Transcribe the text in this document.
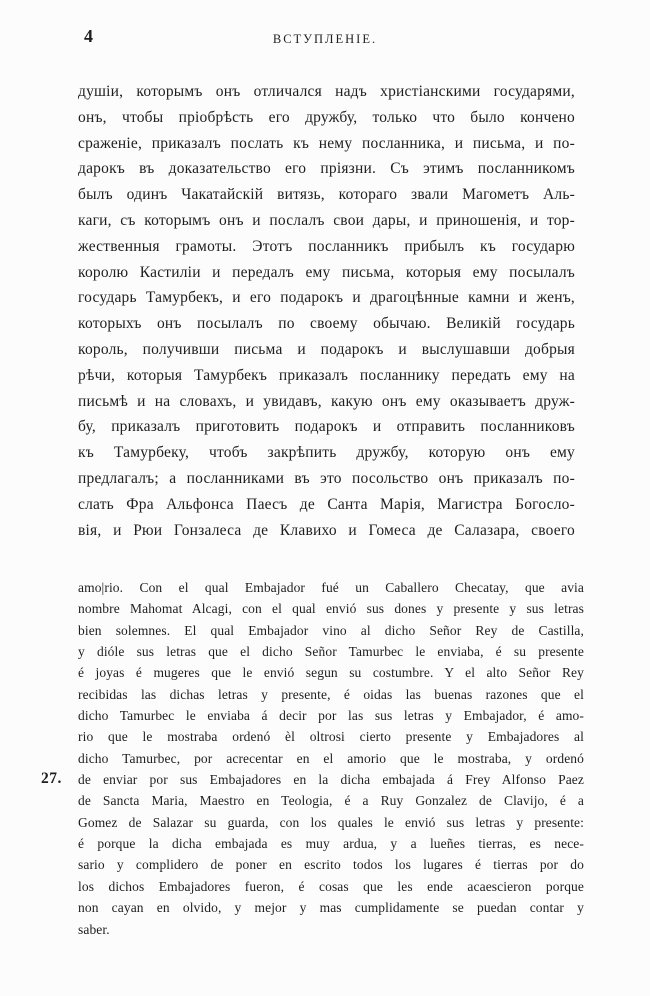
4	ВСТУПЛЕНІЕ.
душіи, которымъ онъ отличался надъ христіанскими государями,
онъ, чтобы пріобрѣсть его дружбу, только что было кончено
сраженіе, приказалъ послать къ нему посланника, и письма, и по-
дарокъ въ доказательство его пріязни. Съ этимъ посланникомъ
былъ одинъ Чакатайскій витязь, котораго звали Магометъ Аль-
каги, съ которымъ онъ и послалъ свои дары, и приношенія, и тор-
жественныя грамоты. Этотъ посланникъ прибылъ къ государю
королю Кастиліи и передалъ ему письма, которыя ему посылалъ
государь Тамурбекъ, и его подарокъ и драгоцѣнные камни и женъ,
которыхъ онъ посылалъ по своему обычаю. Великій государь
король, получивши письма и подарокъ и выслушавши добрыя
рѣчи, которыя Тамурбекъ приказалъ посланнику передать ему на
письмѣ и на словахъ, и увидавъ, какую онъ ему оказываетъ друж-
бу, приказалъ приготовить подарокъ и отправить посланниковъ
къ Тамурбеку, чтобъ закрѣпить дружбу, которую онъ ему
предлагалъ; а посланниками въ это посольство онъ приказалъ по-
слать Фра Альфонса Паесъ де Санта Марія, Магистра Богосло-
вія, и Рюи Гонзалеса де Клавихо и Гомеса де Салазара, своего
27.
amo|rio. Con el qual Embajador fué un Caballero Checatay, que avia
nombre Mahomat Alcagi, con el qual envió sus dones y presente y sus letras
bien solemnes. El qual Embajador vino al dicho Señor Rey de Castilla,
y dióle sus letras que el dicho Señor Tamurbec le enviaba, é su presente
é joyas é mugeres que le envió segun su costumbre. Y el alto Señor Rey
recibidas las dichas letras y presente, é oidas las buenas razones que el
dicho Tamurbec le enviaba á decir por las sus letras y Embajador, é amo-
rio que le mostraba ordenó èl oltrosi cierto presente y Embajadores al
dicho Tamurbec, por acrecentar en el amorio que le mostraba, y ordenó
de enviar por sus Embajadores en la dicha embajada á Frey Alfonso Paez
de Sancta Maria, Maestro en Teologia, é a Ruy Gonzalez de Clavijo, é a
Gomez de Salazar su guarda, con los quales le envió sus letras y presente:
é porque la dicha embajada es muy ardua, y a lueñes tierras, es nece-
sario y complidero de poner en escrito todos los lugares é tierras por do
los dichos Embajadores fueron, é cosas que les ende acaescieron porque
non cayan en olvido, y mejor y mas cumplidamente se puedan contar y
saber.
